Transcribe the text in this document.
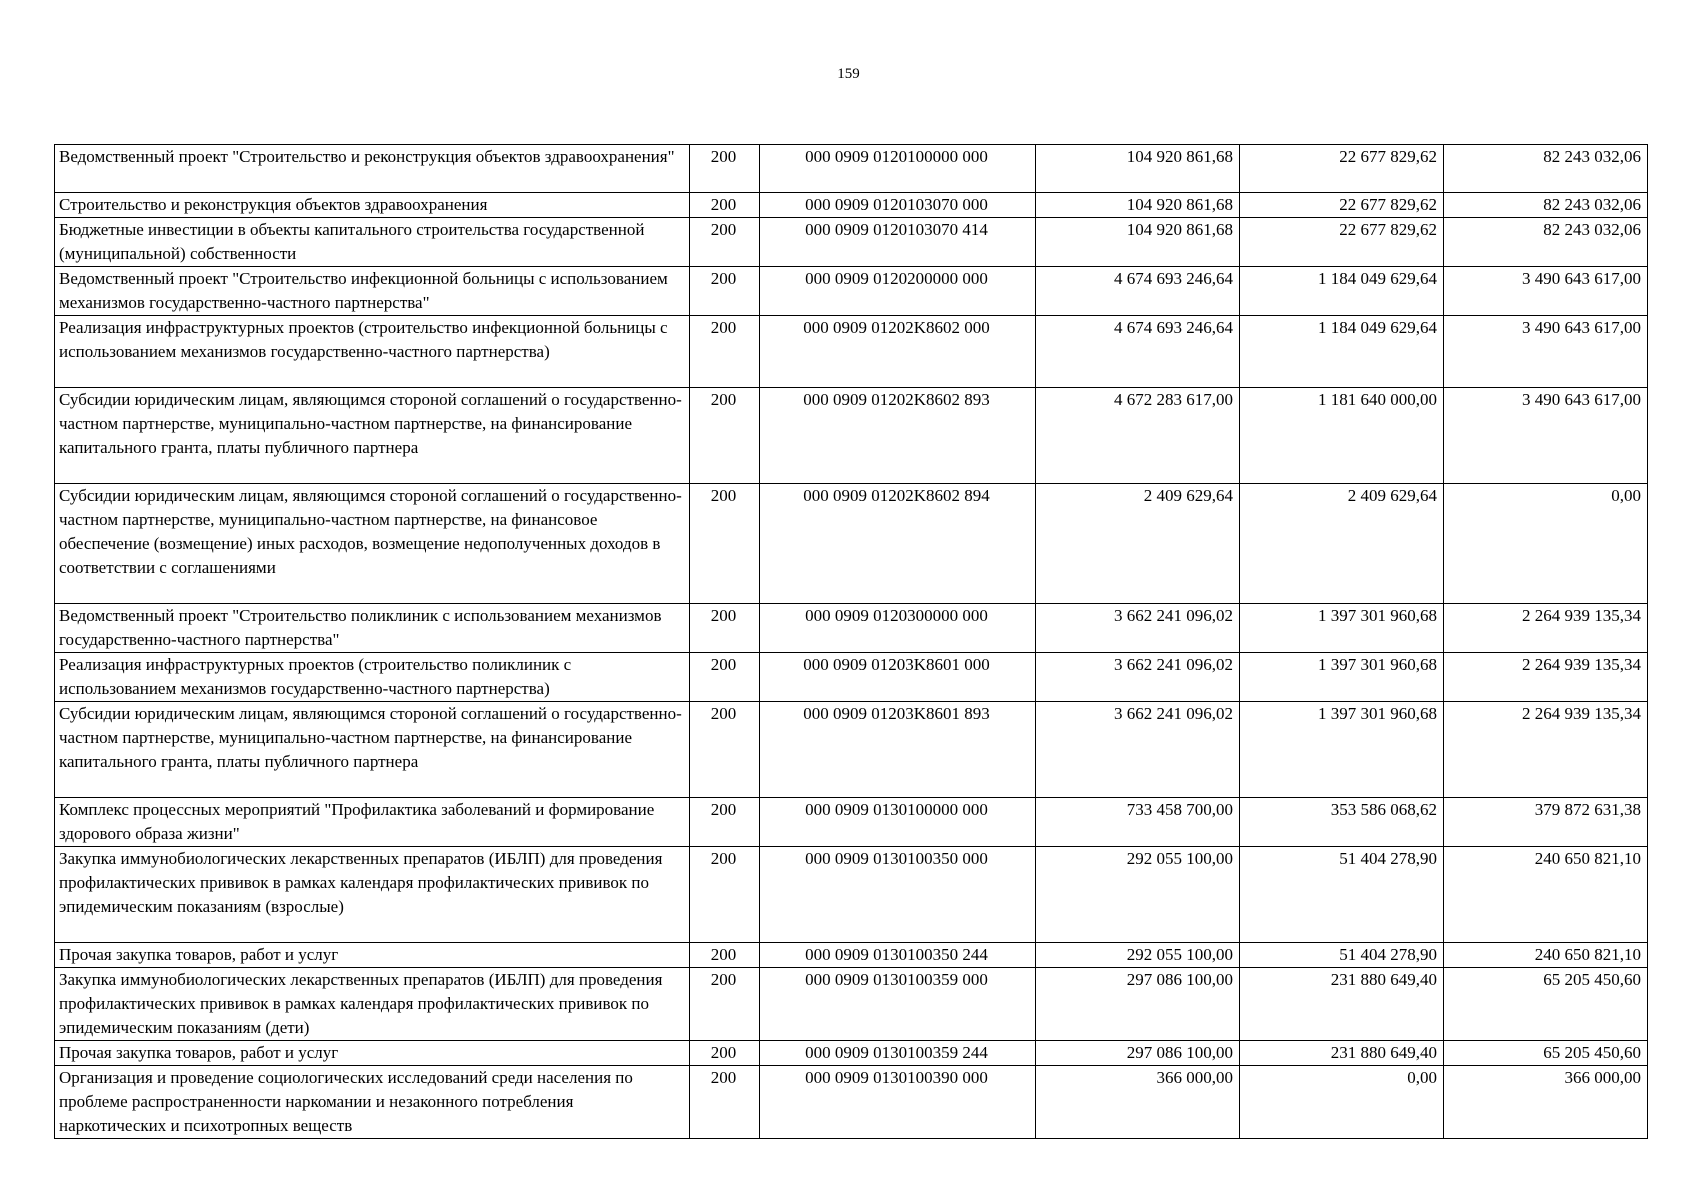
159
Ведомственный проект "Строительство и реконструкция объектов здравоохранения"	200	000 0909 0120100000 000	104 920 861,68	22 677 829,62	82 243 032,06
Строительство и реконструкция объектов здравоохранения	200	000 0909 0120103070 000	104 920 861,68	22 677 829,62	82 243 032,06
Бюджетные инвестиции в объекты капитального строительства государственной (муниципальной) собственности	200	000 0909 0120103070 414	104 920 861,68	22 677 829,62	82 243 032,06
Ведомственный проект "Строительство инфекционной больницы с использованием механизмов государственно-частного партнерства"	200	000 0909 0120200000 000	4 674 693 246,64	1 184 049 629,64	3 490 643 617,00
Реализация инфраструктурных проектов (строительство инфекционной больницы с использованием механизмов государственно-частного партнерства)	200	000 0909 01202K8602 000	4 674 693 246,64	1 184 049 629,64	3 490 643 617,00
Субсидии юридическим лицам, являющимся стороной соглашений о государственно-частном партнерстве, муниципально-частном партнерстве, на финансирование капитального гранта, платы публичного партнера	200	000 0909 01202K8602 893	4 672 283 617,00	1 181 640 000,00	3 490 643 617,00
Субсидии юридическим лицам, являющимся стороной соглашений о государственно-частном партнерстве, муниципально-частном партнерстве, на финансовое обеспечение (возмещение) иных расходов, возмещение недополученных доходов в соответствии с соглашениями	200	000 0909 01202K8602 894	2 409 629,64	2 409 629,64	0,00
Ведомственный проект "Строительство поликлиник с использованием механизмов государственно-частного партнерства"	200	000 0909 0120300000 000	3 662 241 096,02	1 397 301 960,68	2 264 939 135,34
Реализация инфраструктурных проектов (строительство поликлиник с использованием механизмов государственно-частного партнерства)	200	000 0909 01203K8601 000	3 662 241 096,02	1 397 301 960,68	2 264 939 135,34
Субсидии юридическим лицам, являющимся стороной соглашений о государственно-частном партнерстве, муниципально-частном партнерстве, на финансирование капитального гранта, платы публичного партнера	200	000 0909 01203K8601 893	3 662 241 096,02	1 397 301 960,68	2 264 939 135,34
Комплекс процессных мероприятий "Профилактика заболеваний и формирование здорового образа жизни"	200	000 0909 0130100000 000	733 458 700,00	353 586 068,62	379 872 631,38
Закупка иммунобиологических лекарственных препаратов (ИБЛП) для проведения профилактических прививок в рамках календаря профилактических прививок по эпидемическим показаниям (взрослые)	200	000 0909 0130100350 000	292 055 100,00	51 404 278,90	240 650 821,10
Прочая закупка товаров, работ и услуг	200	000 0909 0130100350 244	292 055 100,00	51 404 278,90	240 650 821,10
Закупка иммунобиологических лекарственных препаратов (ИБЛП) для проведения профилактических прививок в рамках календаря профилактических прививок по эпидемическим показаниям (дети)	200	000 0909 0130100359 000	297 086 100,00	231 880 649,40	65 205 450,60
Прочая закупка товаров, работ и услуг	200	000 0909 0130100359 244	297 086 100,00	231 880 649,40	65 205 450,60
Организация и проведение социологических исследований среди населения по проблеме распространенности наркомании и незаконного потребления наркотических и психотропных веществ	200	000 0909 0130100390 000	366 000,00	0,00	366 000,00
